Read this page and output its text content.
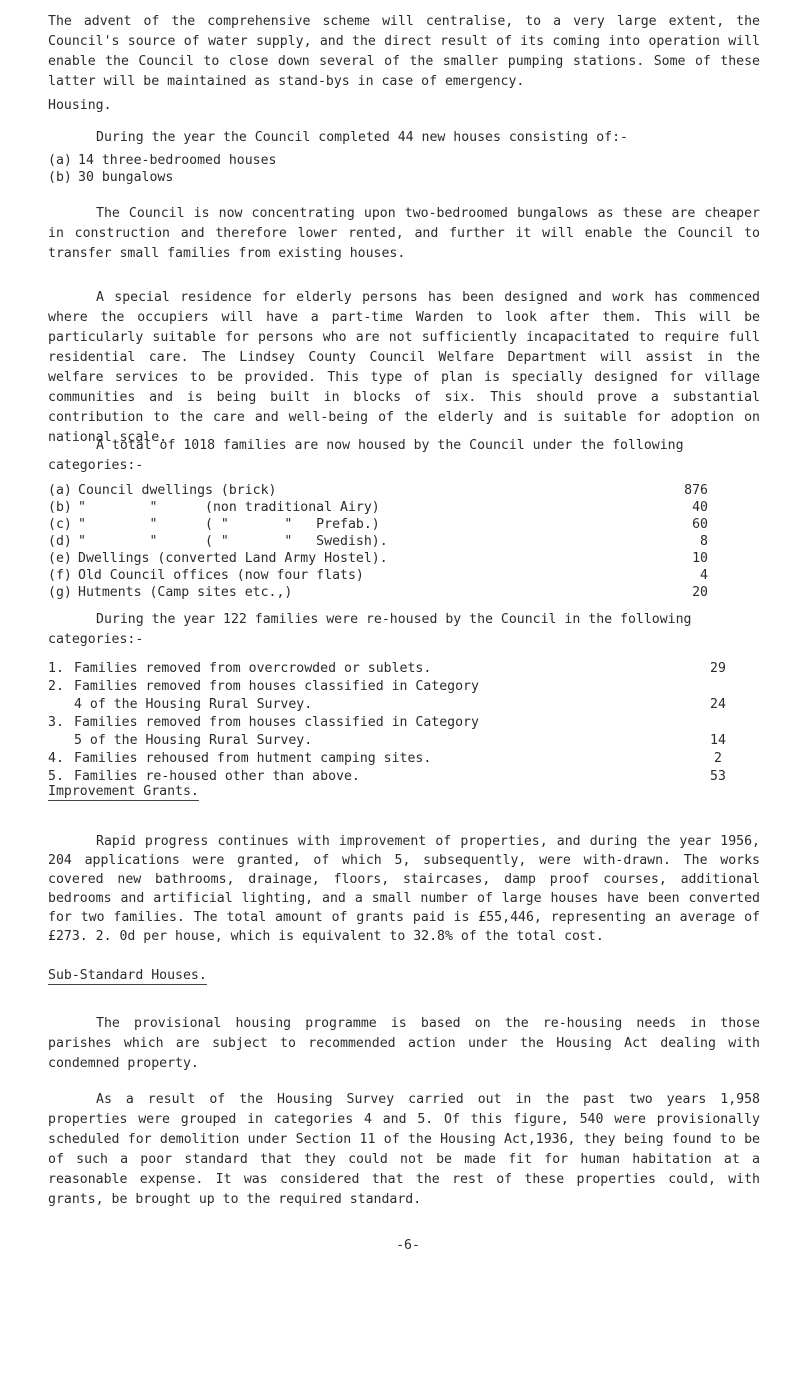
The advent of the comprehensive scheme will centralise, to a very large extent, the Council's source of water supply, and the direct result of its coming into operation will enable the Council to close down several of the smaller pumping stations. Some of these latter will be maintained as stand-bys in case of emergency.

Housing.

During the year the Council completed 44 new houses consisting of:-

(a) 14 three-bedroomed houses
(b) 30 bungalows

The Council is now concentrating upon two-bedroomed bungalows as these are cheaper in construction and therefore lower rented, and further it will enable the Council to transfer small families from existing houses.

A special residence for elderly persons has been designed and work has commenced where the occupiers will have a part-time Warden to look after them. This will be particularly suitable for persons who are not sufficiently incapacitated to require full residential care. The Lindsey County Council Welfare Department will assist in the welfare services to be provided. This type of plan is specially designed for village communities and is being built in blocks of six. This should prove a substantial contribution to the care and well-being of the elderly and is suitable for adoption on national scale.

A total of 1018 families are now housed by the Council under the following categories:-

(a) Council dwellings (brick)	876
(b) "        "      (non traditional Airy)	40
(c) "        "      ( "       "   Prefab.)	60
(d) "        "      ( "       "   Swedish).	8
(e) Dwellings (converted Land Army Hostel).	10
(f) Old Council offices (now four flats)	4
(g) Hutments (Camp sites etc.,)	20

During the year 122 families were re-housed by the Council in the following categories:-

1. Families removed from overcrowded or sublets.	29
2. Families removed from houses classified in Category
4 of the Housing Rural Survey.	24
3. Families removed from houses classified in Category
5 of the Housing Rural Survey.	14
4. Families rehoused from hutment camping sites.	2
5. Families re-housed other than above.	53

Improvement Grants.

Rapid progress continues with improvement of properties, and during the year 1956, 204 applications were granted, of which 5, subsequently, were with-drawn. The works covered new bathrooms, drainage, floors, staircases, damp proof courses, additional bedrooms and artificial lighting, and a small number of large houses have been converted for two families. The total amount of grants paid is £55,446, representing an average of £273. 2. 0d per house, which is equivalent to 32.8% of the total cost.

Sub-Standard Houses.

The provisional housing programme is based on the re-housing needs in those parishes which are subject to recommended action under the Housing Act dealing with condemned property.

As a result of the Housing Survey carried out in the past two years 1,958 properties were grouped in categories 4 and 5. Of this figure, 540 were provisionally scheduled for demolition under Section 11 of the Housing Act,1936, they being found to be of such a poor standard that they could not be made fit for human habitation at a reasonable expense. It was considered that the rest of these properties could, with grants, be brought up to the required standard.

-6-
